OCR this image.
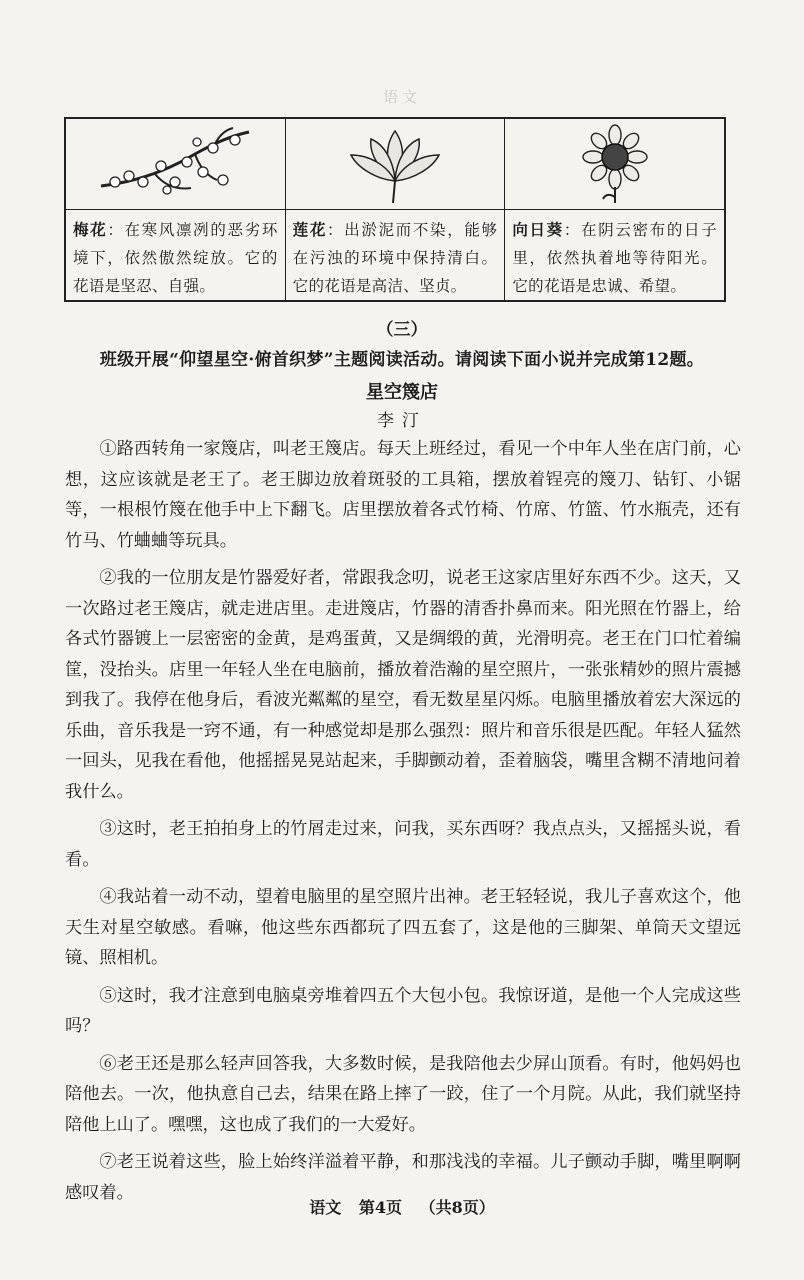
语文
梅花：在寒风凛冽的恶劣环境下，依然傲然绽放。它的花语是坚忍、自强。
莲花：出淤泥而不染，能够在污浊的环境中保持清白。它的花语是高洁、坚贞。
向日葵：在阴云密布的日子里，依然执着地等待阳光。它的花语是忠诚、希望。
（三）
班级开展“仰望星空·俯首织梦”主题阅读活动。请阅读下面小说并完成第12题。
星空篾店
李汀

①路西转角一家篾店，叫老王篾店。每天上班经过，看见一个中年人坐在店门前，心想，这应该就是老王了。老王脚边放着斑驳的工具箱，摆放着锃亮的篾刀、钻钉、小锯等，一根根竹篾在他手中上下翻飞。店里摆放着各式竹椅、竹席、竹篮、竹水瓶壳，还有竹马、竹蛐蛐等玩具。

②我的一位朋友是竹器爱好者，常跟我念叨，说老王这家店里好东西不少。这天，又一次路过老王篾店，就走进店里。走进篾店，竹器的清香扑鼻而来。阳光照在竹器上，给各式竹器镀上一层密密的金黄，是鸡蛋黄，又是绸缎的黄，光滑明亮。老王在门口忙着编筐，没抬头。店里一年轻人坐在电脑前，播放着浩瀚的星空照片，一张张精妙的照片震撼到我了。我停在他身后，看波光粼粼的星空，看无数星星闪烁。电脑里播放着宏大深远的乐曲，音乐我是一窍不通，有一种感觉却是那么强烈：照片和音乐很是匹配。年轻人猛然一回头，见我在看他，他摇摇晃晃站起来，手脚颤动着，歪着脑袋，嘴里含糊不清地问着我什么。

③这时，老王拍拍身上的竹屑走过来，问我，买东西呀？我点点头，又摇摇头说，看看。

④我站着一动不动，望着电脑里的星空照片出神。老王轻轻说，我儿子喜欢这个，他天生对星空敏感。看嘛，他这些东西都玩了四五套了，这是他的三脚架、单筒天文望远镜、照相机。

⑤这时，我才注意到电脑桌旁堆着四五个大包小包。我惊讶道，是他一个人完成这些吗？

⑥老王还是那么轻声回答我，大多数时候，是我陪他去少屏山顶看。有时，他妈妈也陪他去。一次，他执意自己去，结果在路上摔了一跤，住了一个月院。从此，我们就坚持陪他上山了。嘿嘿，这也成了我们的一大爱好。

⑦老王说着这些，脸上始终洋溢着平静，和那浅浅的幸福。儿子颤动手脚，嘴里啊啊感叹着。

语文 第4页 （共8页）
